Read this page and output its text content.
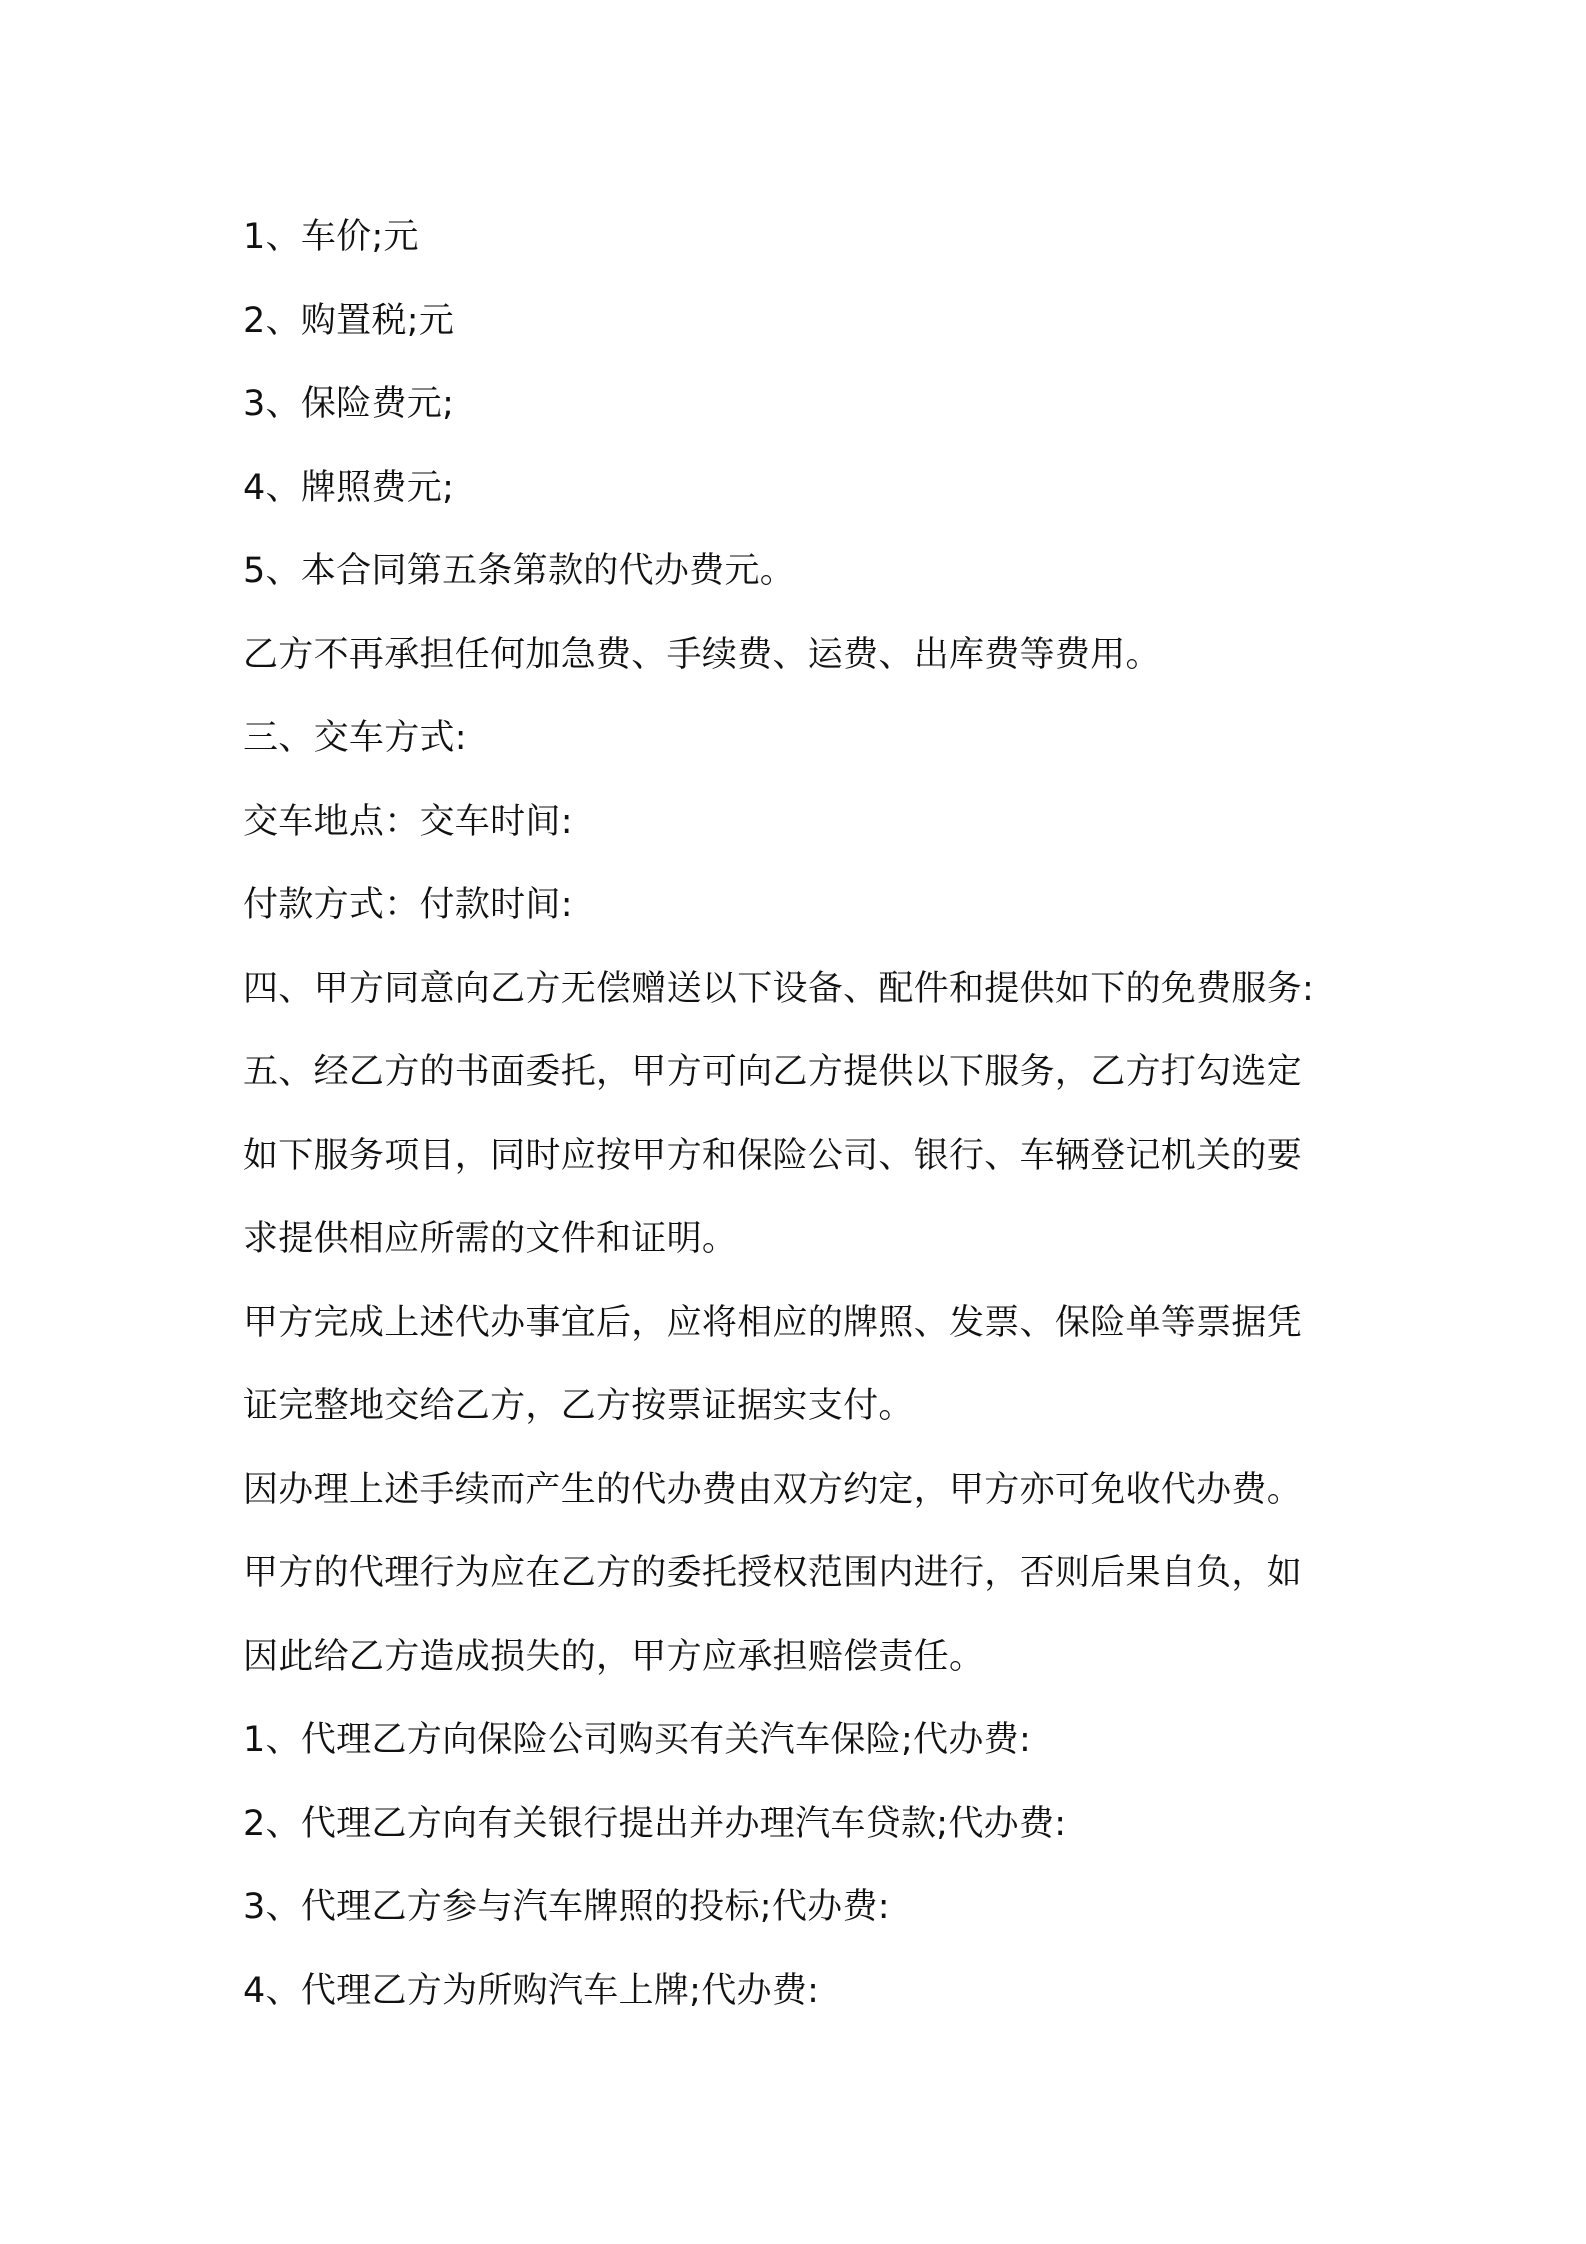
1、车价;元
2、购置税;元
3、保险费元;
4、牌照费元;
5、本合同第五条第款的代办费元。
乙方不再承担任何加急费、手续费、运费、出库费等费用。
三、交车方式:
交车地点：交车时间:
付款方式：付款时间:
四、甲方同意向乙方无偿赠送以下设备、配件和提供如下的免费服务:
五、经乙方的书面委托，甲方可向乙方提供以下服务，乙方打勾选定
如下服务项目，同时应按甲方和保险公司、银行、车辆登记机关的要
求提供相应所需的文件和证明。
甲方完成上述代办事宜后，应将相应的牌照、发票、保险单等票据凭
证完整地交给乙方，乙方按票证据实支付。
因办理上述手续而产生的代办费由双方约定，甲方亦可免收代办费。
甲方的代理行为应在乙方的委托授权范围内进行，否则后果自负，如
因此给乙方造成损失的，甲方应承担赔偿责任。
1、代理乙方向保险公司购买有关汽车保险;代办费:
2、代理乙方向有关银行提出并办理汽车贷款;代办费:
3、代理乙方参与汽车牌照的投标;代办费:
4、代理乙方为所购汽车上牌;代办费:
